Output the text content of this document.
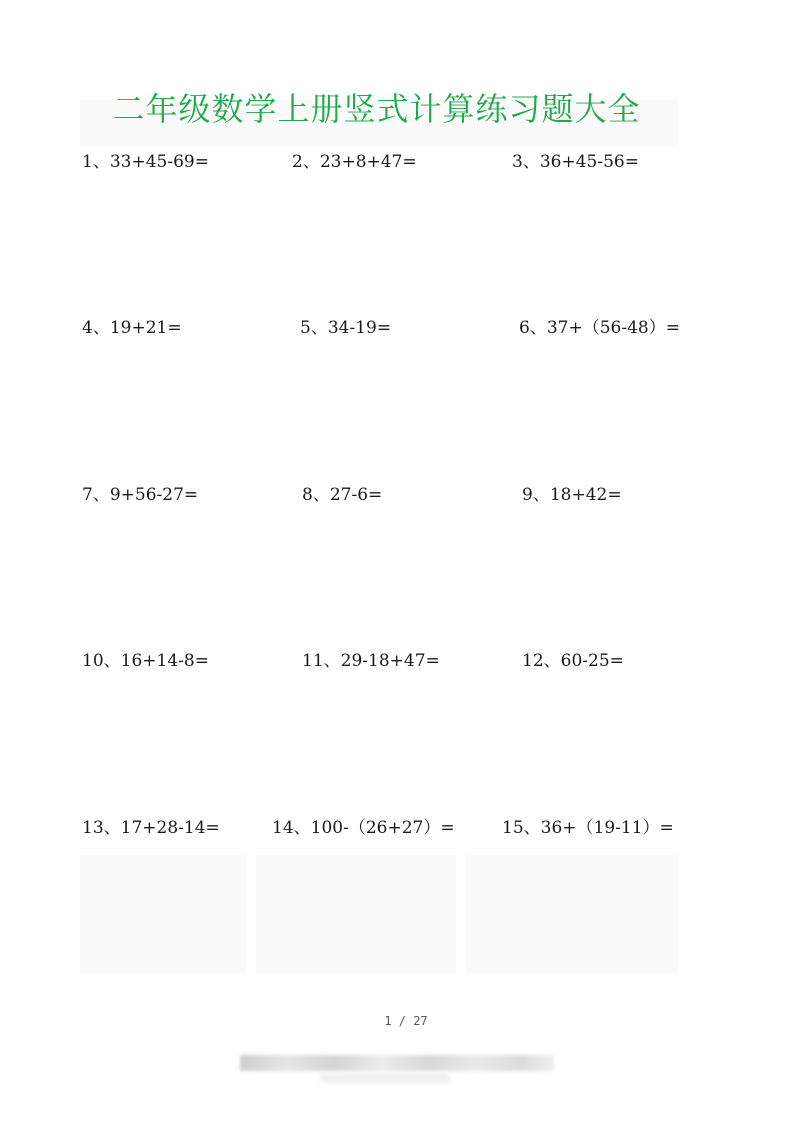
二年级数学上册竖式计算练习题大全
1、33+45-69=	2、23+8+47=	3、36+45-56=
4、19+21=	5、34-19=	6、37+（56-48）=
7、9+56-27=	8、27-6=	9、18+42=
10、16+14-8=	11、29-18+47=	12、60-25=
13、17+28-14=	14、100-（26+27）=	15、36+（19-11）=
1 / 27
